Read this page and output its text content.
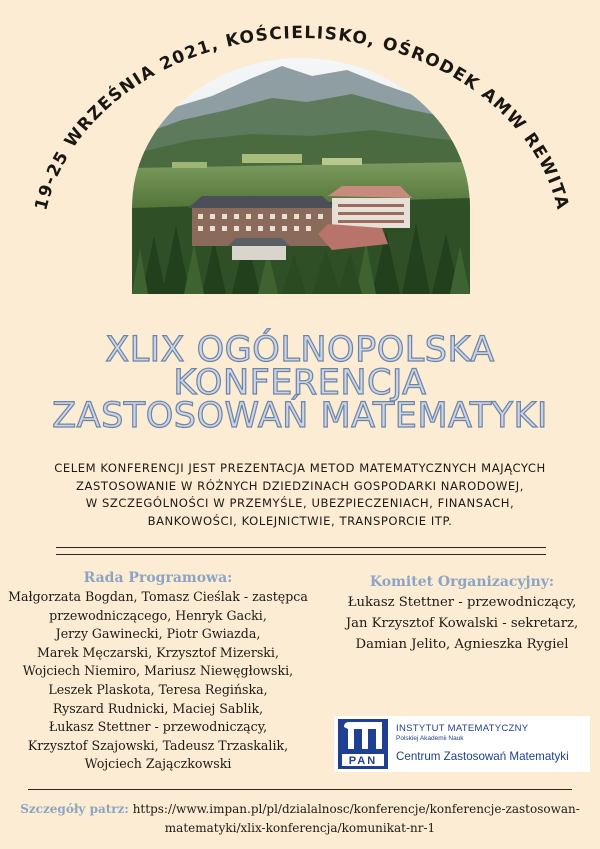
19-25 WRZEŚNIA 2021, KOŚCIELISKO, OŚRODEK AMW REWITA
XLIX OGÓLNOPOLSKA
KONFERENCJA
ZASTOSOWAŃ MATEMATYKI
CELEM KONFERENCJI JEST PREZENTACJA METOD MATEMATYCZNYCH MAJĄCYCH
ZASTOSOWANIE W RÓŻNYCH DZIEDZINACH GOSPODARKI NARODOWEJ,
W SZCZEGÓLNOŚCI W PRZEMYŚLE, UBEZPIECZENIACH, FINANSACH,
BANKOWOŚCI, KOLEJNICTWIE, TRANSPORCIE ITP.
Rada Programowa:
Małgorzata Bogdan, Tomasz Cieślak - zastępca
przewodniczącego, Henryk Gacki,
Jerzy Gawinecki, Piotr Gwiazda,
Marek Męczarski, Krzysztof Mizerski,
Wojciech Niemiro, Mariusz Niewęgłowski,
Leszek Plaskota, Teresa Regińska,
Ryszard Rudnicki, Maciej Sablik,
Łukasz Stettner - przewodniczący,
Krzysztof Szajowski, Tadeusz Trzaskalik,
Wojciech Zajączkowski
Komitet Organizacyjny:
Łukasz Stettner - przewodniczący,
Jan Krzysztof Kowalski - sekretarz,
Damian Jelito, Agnieszka Rygiel
PAN
INSTYTUT MATEMATYCZNY
Polskiej Akademii Nauk
Centrum Zastosowań Matematyki
Szczegóły patrz: https://www.impan.pl/pl/dzialalnosc/konferencje/konferencje-zastosowan-
matematyki/xlix-konferencja/komunikat-nr-1
